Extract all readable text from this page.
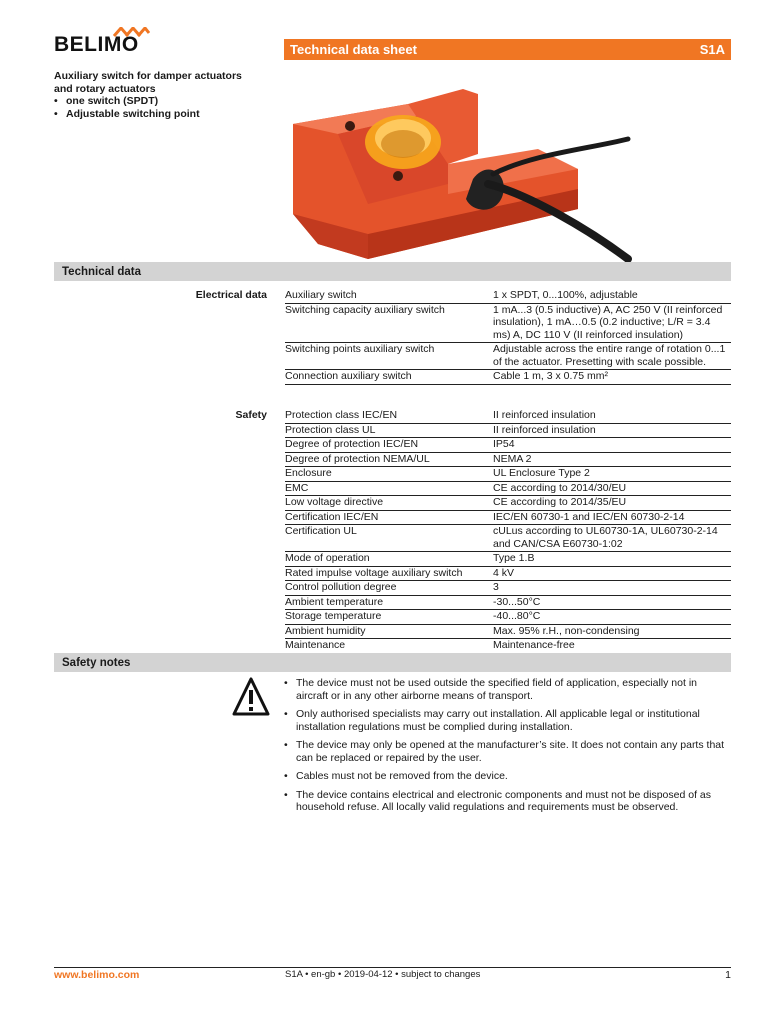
BELIMO	Technical data sheet	S1A
Auxiliary switch for damper actuators
and rotary actuators
• one switch (SPDT)
• Adjustable switching point
Technical data
Electrical data Auxiliary switch	1 x SPDT, 0...100%, adjustable
Switching capacity auxiliary switch	1 mA...3 (0.5 inductive) A, AC 250 V (II reinforced insulation), 1 mA…0.5 (0.2 inductive; L/R = 3.4 ms) A, DC 110 V (II reinforced insulation)
Switching points auxiliary switch	Adjustable across the entire range of rotation 0...1 of the actuator. Presetting with scale possible.
Connection auxiliary switch	Cable 1 m, 3 x 0.75 mm²
Safety Protection class IEC/EN	II reinforced insulation
Protection class UL	II reinforced insulation
Degree of protection IEC/EN	IP54
Degree of protection NEMA/UL	NEMA 2
Enclosure	UL Enclosure Type 2
EMC	CE according to 2014/30/EU
Low voltage directive	CE according to 2014/35/EU
Certification IEC/EN	IEC/EN 60730-1 and IEC/EN 60730-2-14
Certification UL	cULus according to UL60730-1A, UL60730-2-14 and CAN/CSA E60730-1:02
Mode of operation	Type 1.B
Rated impulse voltage auxiliary switch	4 kV
Control pollution degree	3
Ambient temperature	-30...50°C
Storage temperature	-40...80°C
Ambient humidity	Max. 95% r.H., non-condensing
Maintenance	Maintenance-free
Safety notes
• The device must not be used outside the specified field of application, especially not in aircraft or in any other airborne means of transport.
• Only authorised specialists may carry out installation. All applicable legal or institutional installation regulations must be complied during installation.
• The device may only be opened at the manufacturer’s site. It does not contain any parts that can be replaced or repaired by the user.
• Cables must not be removed from the device.
• The device contains electrical and electronic components and must not be disposed of as household refuse. All locally valid regulations and requirements must be observed.
www.belimo.com	S1A • en-gb • 2019-04-12 • subject to changes	1
